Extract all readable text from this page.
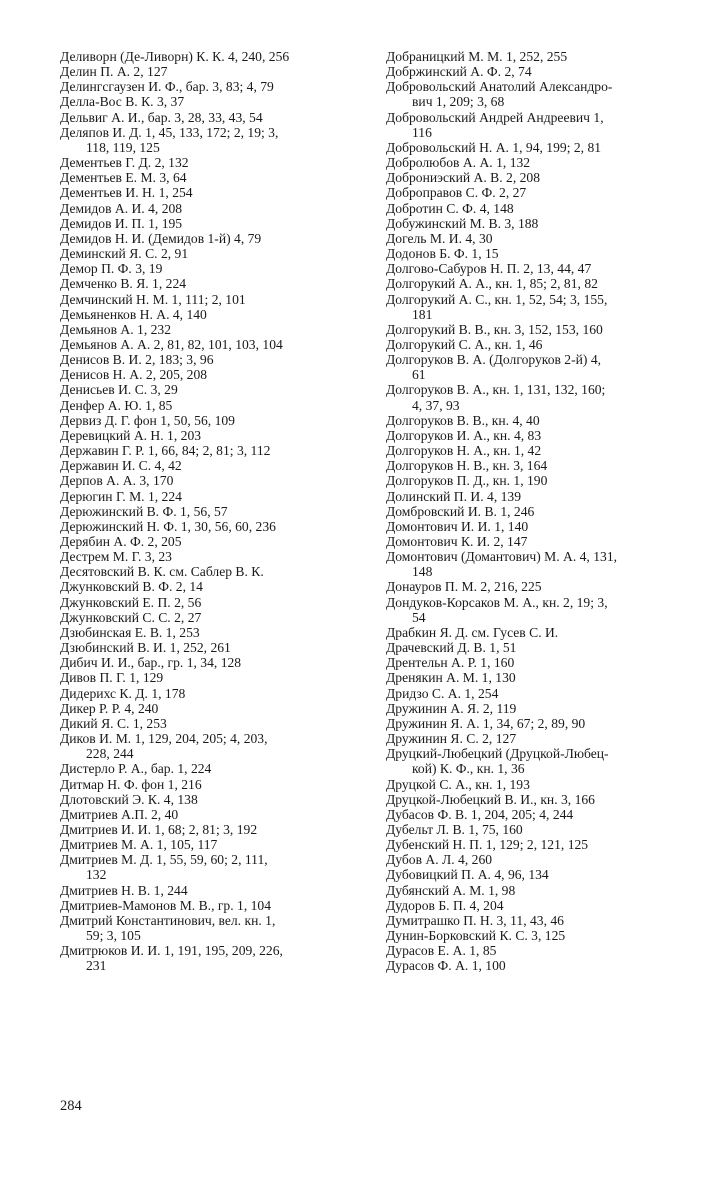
Деливорн (Де-Ливорн) К. К. 4, 240, 256

Делин П. А. 2, 127

Делингсгаузен И. Ф., бар. 3, 83; 4, 79

Делла-Вос В. К. 3, 37

Дельвиг А. И., бар. 3, 28, 33, 43, 54

Деляпов И. Д. 1, 45, 133, 172; 2, 19; 3,
118, 119, 125

Дементьев Г. Д. 2, 132

Дементьев Е. М. 3, 64

Дементьев И. Н. 1, 254

Демидов А. И. 4, 208

Демидов И. П. 1, 195

Демидов Н. И. (Демидов 1-й) 4, 79

Деминский Я. С. 2, 91

Демор П. Ф. 3, 19

Демченко В. Я. 1, 224

Демчинский Н. М. 1, 111; 2, 101

Демьяненков Н. А. 4, 140

Демьянов А. 1, 232

Демьянов А. А. 2, 81, 82, 101, 103, 104

Денисов В. И. 2, 183; 3, 96

Денисов Н. А. 2, 205, 208

Денисьев И. С. 3, 29

Денфер А. Ю. 1, 85

Дервиз Д. Г. фон 1, 50, 56, 109

Деревицкий А. Н. 1, 203

Державин Г. Р. 1, 66, 84; 2, 81; 3, 112

Державин И. С. 4, 42

Дерпов А. А. 3, 170

Дерюгин Г. М. 1, 224

Дерюжинский В. Ф. 1, 56, 57

Дерюжинский Н. Ф. 1, 30, 56, 60, 236

Дерябин А. Ф. 2, 205

Дестрем М. Г. 3, 23

Десятовский В. К. см. Саблер В. К.

Джунковский В. Ф. 2, 14

Джунковский Е. П. 2, 56

Джунковский С. С. 2, 27

Дзюбинская Е. В. 1, 253

Дзюбинский В. И. 1, 252, 261

Дибич И. И., бар., гр. 1, 34, 128

Дивов П. Г. 1, 129

Дидерихс К. Д. 1, 178

Дикер Р. Р. 4, 240

Дикий Я. С. 1, 253

Диков И. М. 1, 129, 204, 205; 4, 203,
228, 244

Дистерло Р. А., бар. 1, 224

Дитмар Н. Ф. фон 1, 216

Длотовский Э. К. 4, 138

Дмитриев А.П. 2, 40

Дмитриев И. И. 1, 68; 2, 81; 3, 192

Дмитриев М. А. 1, 105, 117

Дмитриев М. Д. 1, 55, 59, 60; 2, 111,
132

Дмитриев Н. В. 1, 244

Дмитриев-Мамонов М. В., гр. 1, 104

Дмитрий Константинович, вел. кн. 1,
59; 3, 105

Дмитрюков И. И. 1, 191, 195, 209, 226,
231

Добраницкий М. М. 1, 252, 255

Добржинский А. Ф. 2, 74

Добровольский Анатолий Александро-
вич 1, 209; 3, 68

Добровольский Андрей Андреевич 1,
116

Добровольский Н. А. 1, 94, 199; 2, 81

Добролюбов А. А. 1, 132

Доброниэский А. В. 2, 208

Доброправов С. Ф. 2, 27

Добротин С. Ф. 4, 148

Добужинский М. В. 3, 188

Догель М. И. 4, 30

Додонов Б. Ф. 1, 15

Долгово-Сабуров Н. П. 2, 13, 44, 47

Долгорукий А. А., кн. 1, 85; 2, 81, 82

Долгорукий А. С., кн. 1, 52, 54; 3, 155,
181

Долгорукий В. В., кн. 3, 152, 153, 160

Долгорукий С. А., кн. 1, 46

Долгоруков В. А. (Долгоруков 2-й) 4,
61

Долгоруков В. А., кн. 1, 131, 132, 160;
4, 37, 93

Долгоруков В. В., кн. 4, 40

Долгоруков И. А., кн. 4, 83

Долгоруков Н. А., кн. 1, 42

Долгоруков Н. В., кн. 3, 164

Долгоруков П. Д., кн. 1, 190

Долинский П. И. 4, 139

Домбровский И. В. 1, 246

Домонтович И. И. 1, 140

Домонтович К. И. 2, 147

Домонтович (Домантович) М. А. 4, 131,
148

Донауров П. М. 2, 216, 225

Дондуков-Корсаков М. А., кн. 2, 19; 3,
54

Драбкин Я. Д. см. Гусев С. И.

Драчевский Д. В. 1, 51

Дрентельн А. Р. 1, 160

Дренякин А. М. 1, 130

Дридзо С. А. 1, 254

Дружинин А. Я. 2, 119

Дружинин Я. А. 1, 34, 67; 2, 89, 90

Дружинин Я. С. 2, 127

Друцкий-Любецкий (Друцкой-Любец-
кой) К. Ф., кн. 1, 36

Друцкой С. А., кн. 1, 193

Друцкой-Любецкий В. И., кн. 3, 166

Дубасов Ф. В. 1, 204, 205; 4, 244

Дубельт Л. В. 1, 75, 160

Дубенский Н. П. 1, 129; 2, 121, 125

Дубов А. Л. 4, 260

Дубовицкий П. А. 4, 96, 134

Дубянский А. М. 1, 98

Дудоров Б. П. 4, 204

Думитрашко П. Н. 3, 11, 43, 46

Дунин-Борковский К. С. 3, 125

Дурасов Е. А. 1, 85

Дурасов Ф. А. 1, 100

284
